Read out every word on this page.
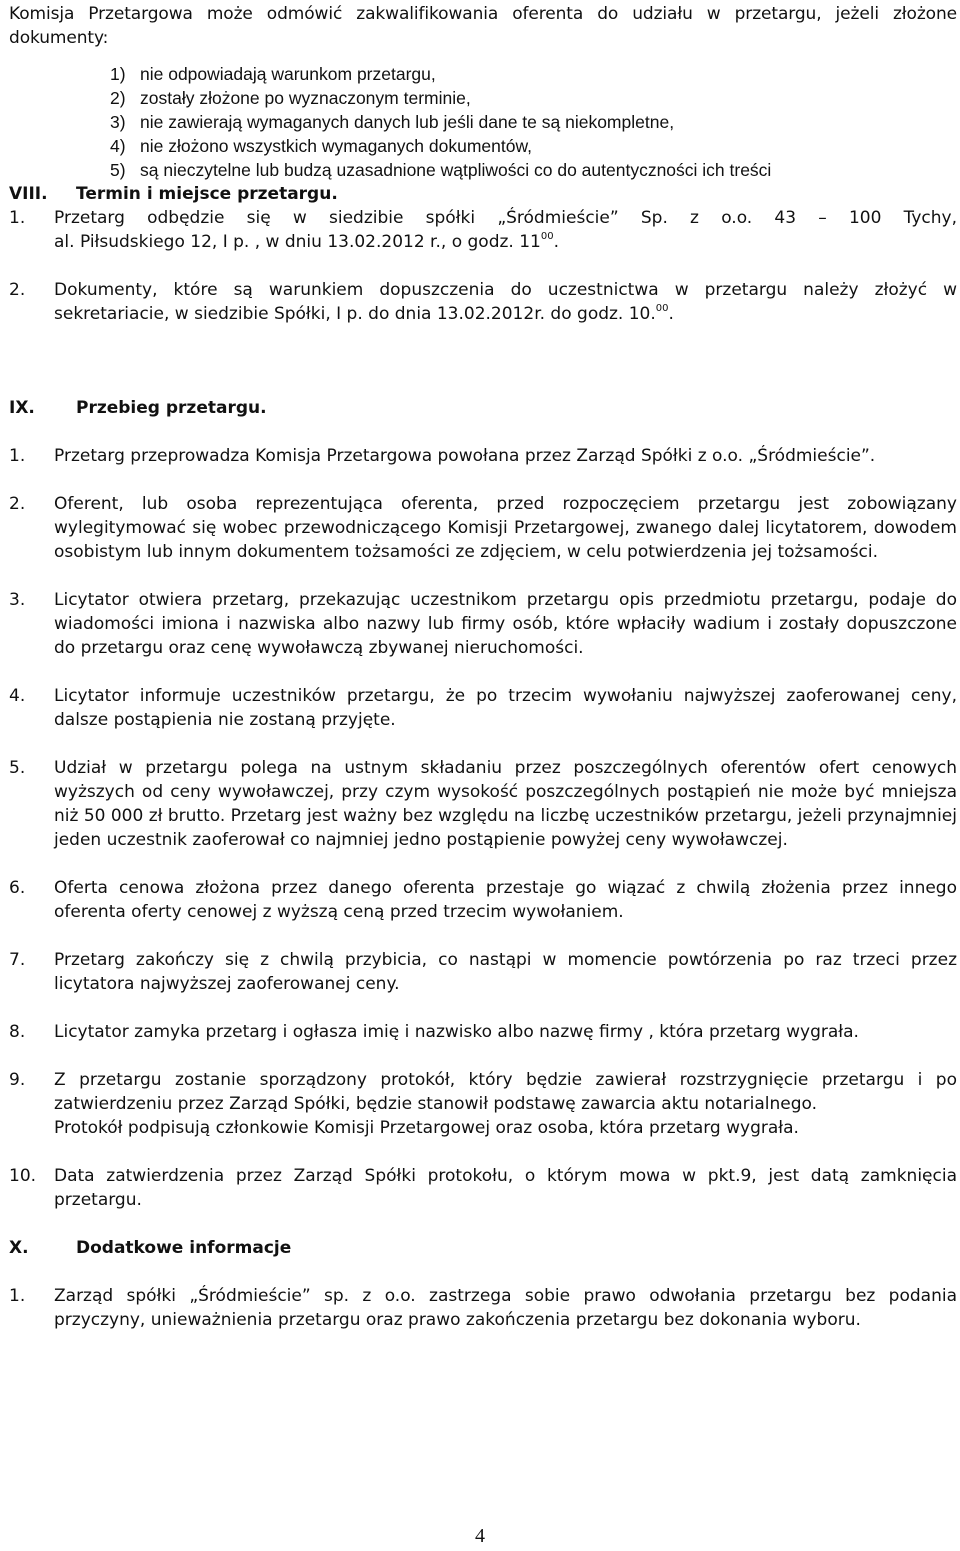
Komisja Przetargowa może odmówić zakwalifikowania oferenta do udziału w przetargu, jeżeli złożone dokumenty:

1) nie odpowiadają warunkom przetargu,
2) zostały złożone po wyznaczonym terminie,
3) nie zawierają wymaganych danych lub jeśli dane te są niekompletne,
4) nie złożono wszystkich wymaganych dokumentów,
5) są nieczytelne lub budzą uzasadnione wątpliwości co do autentyczności ich treści
VIII.	Termin i miejsce przetargu.
1.	Przetarg odbędzie się w siedzibie spółki „Śródmieście” Sp. z o.o. 43 – 100 Tychy,
al. Piłsudskiego 12, I p. , w dniu 13.02.2012 r., o godz. $11^{00}$.
2.	Dokumenty, które są warunkiem dopuszczenia do uczestnictwa w przetargu należy złożyć w
sekretariacie, w siedzibie Spółki, I p. do dnia 13.02.2012r. do godz. 10.00.
IX.	Przebieg przetargu.
1.	Przetarg przeprowadza Komisja Przetargowa powołana przez Zarząd Spółki z o.o. „Śródmieście”.
2.	Oferent, lub osoba reprezentująca oferenta, przed rozpoczęciem przetargu jest zobowiązany wylegitymować się wobec przewodniczącego Komisji Przetargowej, zwanego dalej licytatorem, dowodem osobistym lub innym dokumentem tożsamości ze zdjęciem, w celu potwierdzenia jej tożsamości.
3.	Licytator otwiera przetarg, przekazując uczestnikom przetargu opis przedmiotu przetargu, podaje do wiadomości imiona i nazwiska albo nazwy lub firmy osób, które wpłaciły wadium i zostały dopuszczone do przetargu oraz cenę wywoławczą zbywanej nieruchomości.
4.	Licytator informuje uczestników przetargu, że po trzecim wywołaniu najwyższej zaoferowanej ceny, dalsze postąpienia nie zostaną przyjęte.
5.	Udział w przetargu polega na ustnym składaniu przez poszczególnych oferentów ofert cenowych wyższych od ceny wywoławczej, przy czym wysokość poszczególnych postąpień nie może być mniejsza niż 50 000 zł brutto. Przetarg jest ważny bez względu na liczbę uczestników przetargu, jeżeli przynajmniej jeden uczestnik zaoferował co najmniej jedno postąpienie powyżej ceny wywoławczej.
6.	Oferta cenowa złożona przez danego oferenta przestaje go wiązać z chwilą złożenia przez innego oferenta oferty cenowej z wyższą ceną przed trzecim wywołaniem.
7.	Przetarg zakończy się z chwilą przybicia, co nastąpi w momencie powtórzenia po raz trzeci przez licytatora najwyższej zaoferowanej ceny.
8.	Licytator zamyka przetarg i ogłasza imię i nazwisko albo nazwę firmy , która przetarg wygrała.
9.	Z przetargu zostanie sporządzony protokół, który będzie zawierał rozstrzygnięcie przetargu i po zatwierdzeniu przez Zarząd Spółki, będzie stanowił podstawę zawarcia aktu notarialnego.
Protokół podpisują członkowie Komisji Przetargowej oraz osoba, która przetarg wygrała.
10.	Data zatwierdzenia przez Zarząd Spółki protokołu, o którym mowa w pkt.9, jest datą zamknięcia przetargu.
X.	Dodatkowe informacje
1.	Zarząd spółki „Śródmieście” sp. z o.o. zastrzega sobie prawo odwołania przetargu bez podania przyczyny, unieważnienia przetargu oraz prawo zakończenia przetargu bez dokonania wyboru.
4
